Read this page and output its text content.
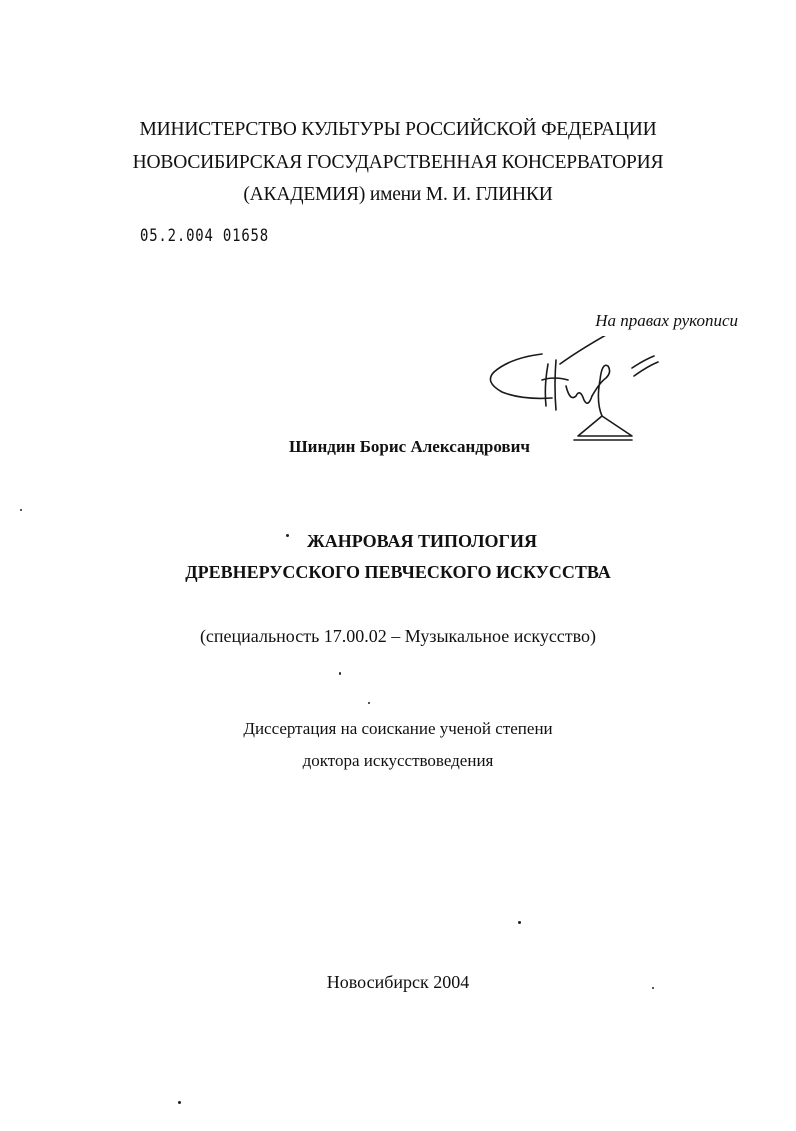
МИНИСТЕРСТВО КУЛЬТУРЫ РОССИЙСКОЙ ФЕДЕРАЦИИ
НОВОСИБИРСКАЯ ГОСУДАРСТВЕННАЯ КОНСЕРВАТОРИЯ
(АКАДЕМИЯ) имени М. И. ГЛИНКИ
05.2.004 01658
На правах рукописи
Шиндин Борис Александрович
ЖАНРОВАЯ ТИПОЛОГИЯ
ДРЕВНЕРУССКОГО ПЕВЧЕСКОГО ИСКУССТВА
(специальность 17.00.02 – Музыкальное искусство)
Диссертация на соискание ученой степени
доктора искусствоведения
Новосибирск 2004
